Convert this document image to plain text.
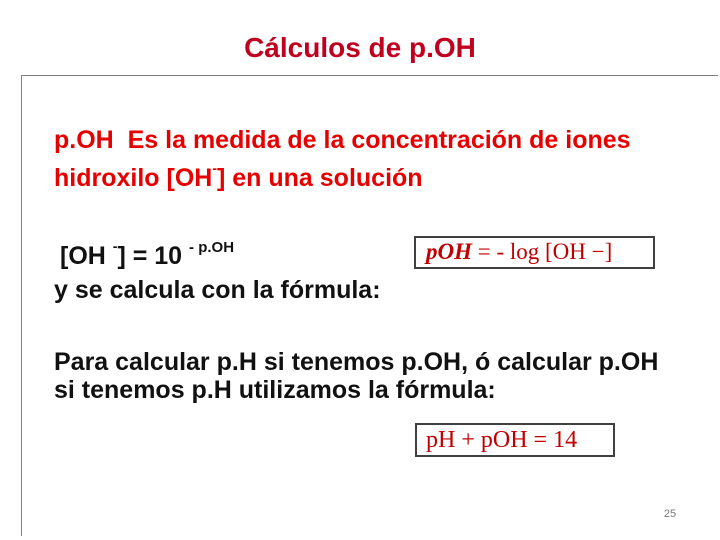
Cálculos de p.OH
p.OH Es la medida de la concentración de iones
hidroxilo [OH-] en una solución
[OH -] = 10 $^{- p.OH}$
y se calcula con la fórmula:
pOH = - log [OH −]
Para calcular p.H si tenemos p.OH, ó calcular p.OH
si tenemos p.H utilizamos la fórmula:
pH + pOH = 14
25
